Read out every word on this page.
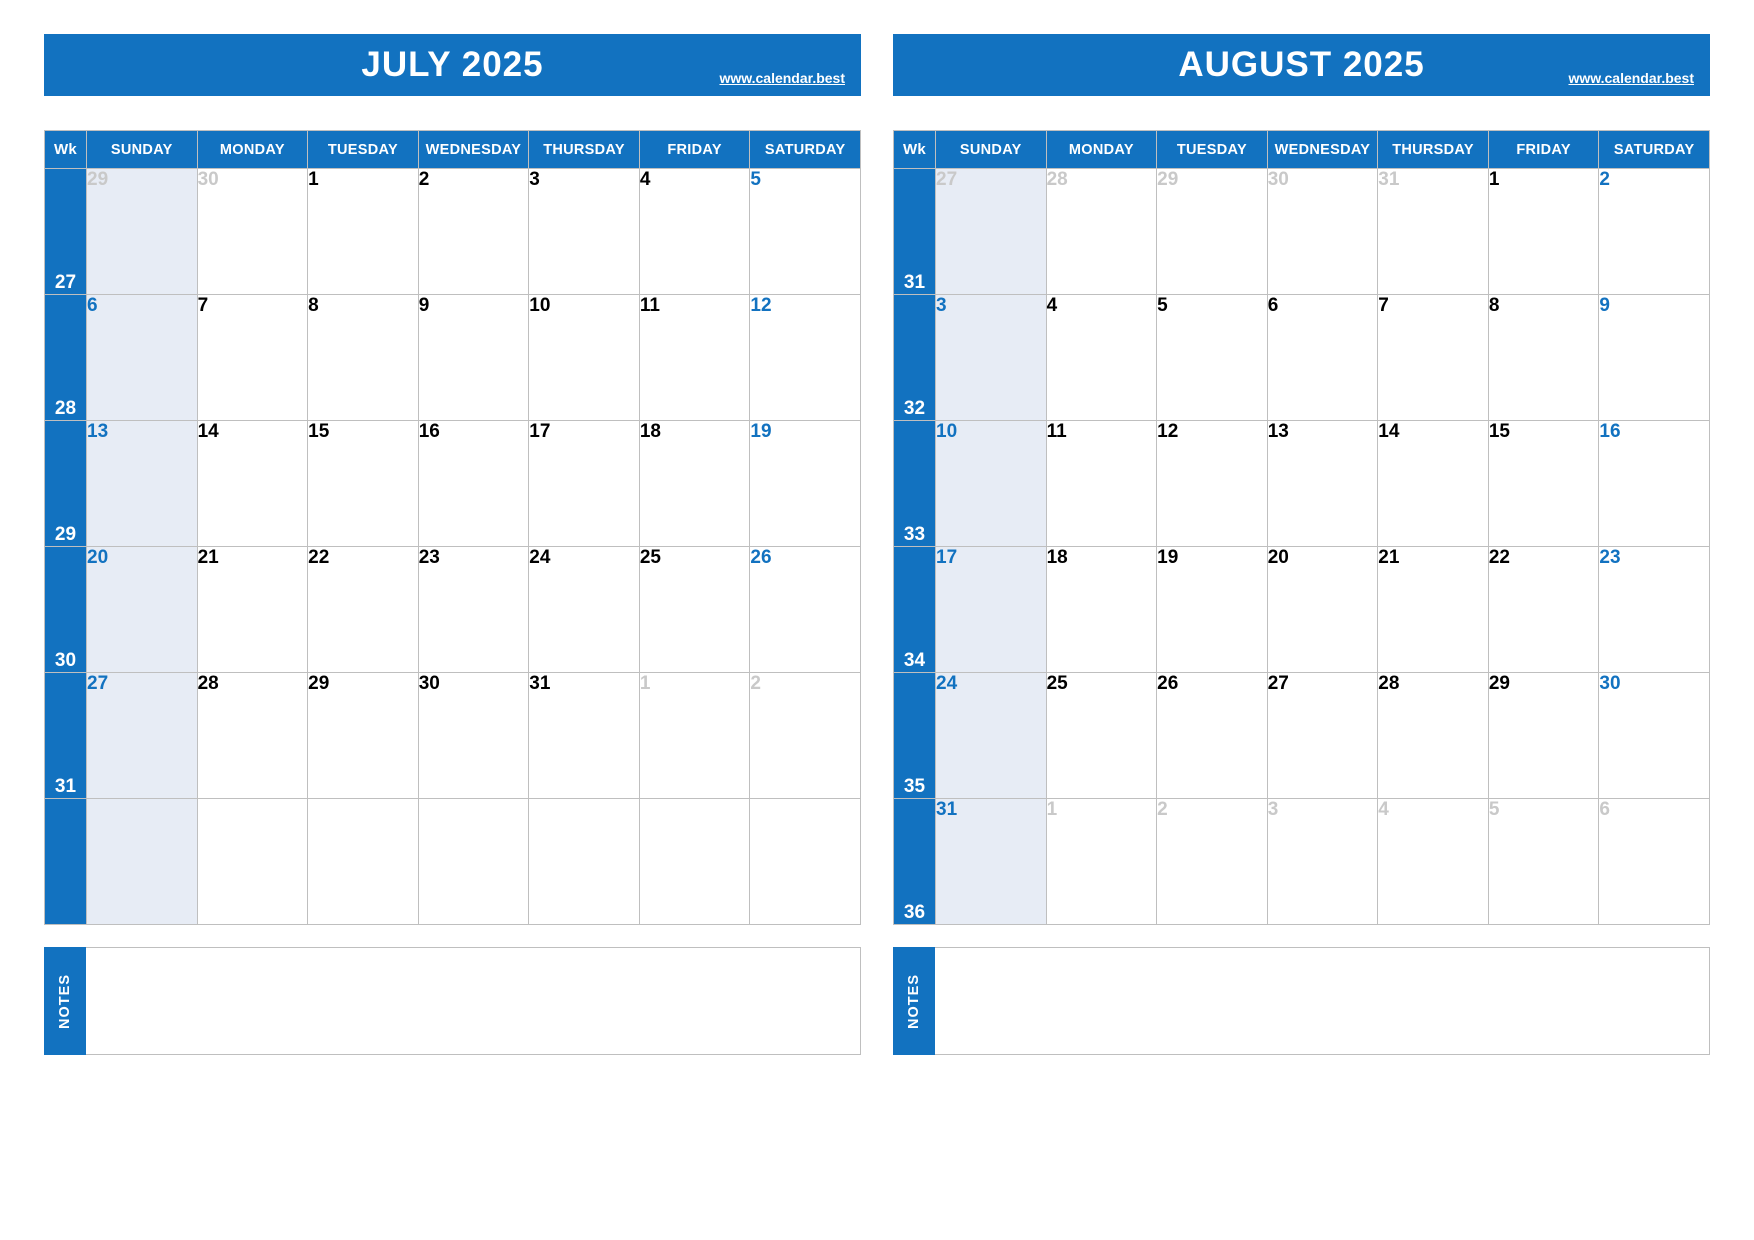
JULY 2025	www.calendar.best
Wk	SUNDAY	MONDAY	TUESDAY	WEDNESDAY	THURSDAY	FRIDAY	SATURDAY
27	29	30	1	2	3	4	5
28	6	7	8	9	10	11	12
29	13	14	15	16	17	18	19
30	20	21	22	23	24	25	26
31	27	28	29	30	31	1	2

NOTES
AUGUST 2025	www.calendar.best
Wk	SUNDAY	MONDAY	TUESDAY	WEDNESDAY	THURSDAY	FRIDAY	SATURDAY
31	27	28	29	30	31	1	2
32	3	4	5	6	7	8	9
33	10	11	12	13	14	15	16
34	17	18	19	20	21	22	23
35	24	25	26	27	28	29	30
36	31	1	2	3	4	5	6
NOTES
